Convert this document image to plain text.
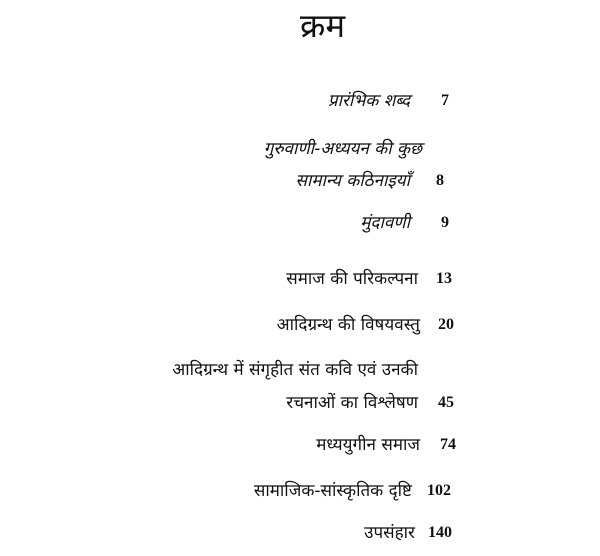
क्रम
प्रारंभिक शब्द	7
गुरुवाणी-अध्ययन की कुछ
सामान्य कठिनाइयाँ	8
मुंदावणी	9
समाज की परिकल्पना	13
आदिग्रन्थ की विषयवस्तु	20
आदिग्रन्थ में संगृहीत संत कवि एवं उनकी
रचनाओं का विश्लेषण	45
मध्ययुगीन समाज	74
सामाजिक-सांस्कृतिक दृष्टि 102
उपसंहार 140
